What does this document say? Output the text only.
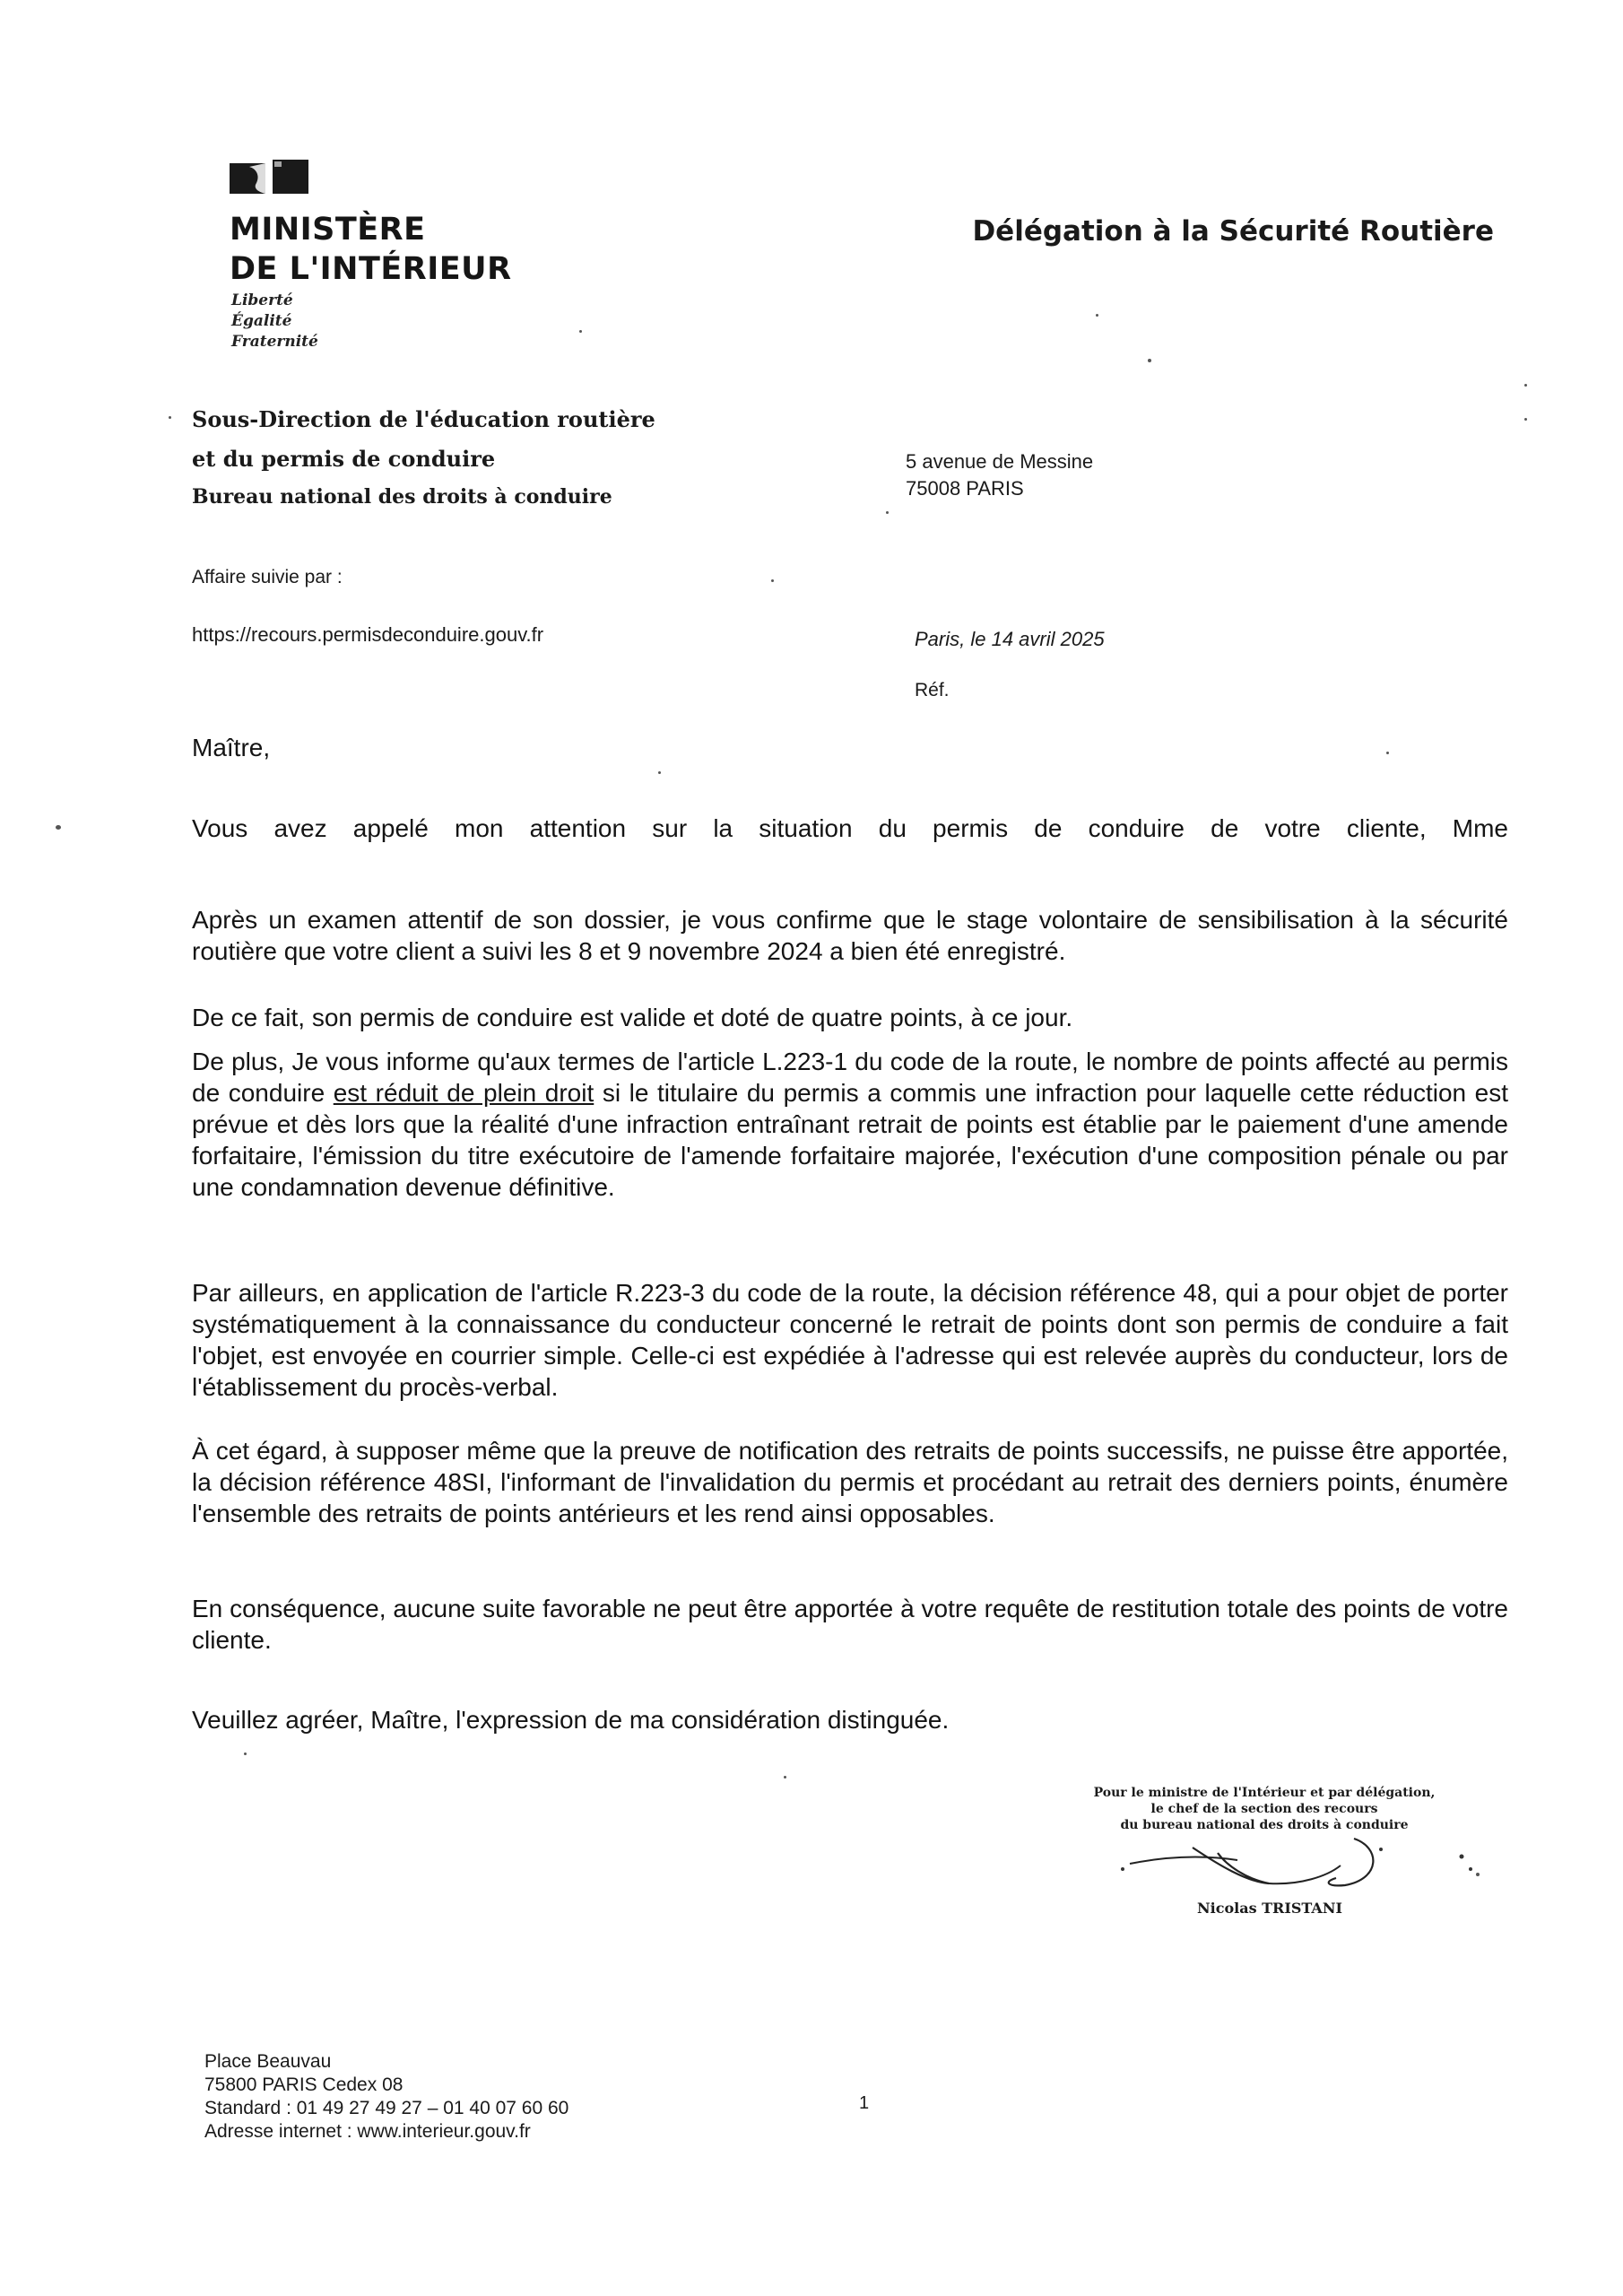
MINISTÈRE
DE L'INTÉRIEUR
Liberté
Égalité
Fraternité
Délégation à la Sécurité Routière
Sous-Direction de l'éducation routière
et du permis de conduire
Bureau national des droits à conduire
5 avenue de Messine
75008 PARIS
Affaire suivie par :
https://recours.permisdeconduire.gouv.fr	Paris, le 14 avril 2025
Réf.
Maître,

Vous avez appelé mon attention sur la situation du permis de conduire de votre cliente, Mme

Après un examen attentif de son dossier, je vous confirme que le stage volontaire de sensibilisation à la sécurité routière que votre client a suivi les 8 et 9 novembre 2024 a bien été enregistré.

De ce fait, son permis de conduire est valide et doté de quatre points, à ce jour.

De plus, Je vous informe qu'aux termes de l'article L.223-1 du code de la route, le nombre de points affecté au permis de conduire est réduit de plein droit si le titulaire du permis a commis une infraction pour laquelle cette réduction est prévue et dès lors que la réalité d'une infraction entraînant retrait de points est établie par le paiement d'une amende forfaitaire, l'émission du titre exécutoire de l'amende forfaitaire majorée, l'exécution d'une composition pénale ou par une condamnation devenue définitive.

Par ailleurs, en application de l'article R.223-3 du code de la route, la décision référence 48, qui a pour objet de porter systématiquement à la connaissance du conducteur concerné le retrait de points dont son permis de conduire a fait l'objet, est envoyée en courrier simple. Celle-ci est expédiée à l'adresse qui est relevée auprès du conducteur, lors de l'établissement du procès-verbal.

À cet égard, à supposer même que la preuve de notification des retraits de points successifs, ne puisse être apportée, la décision référence 48SI, l'informant de l'invalidation du permis et procédant au retrait des derniers points, énumère l'ensemble des retraits de points antérieurs et les rend ainsi opposables.

En conséquence, aucune suite favorable ne peut être apportée à votre requête de restitution totale des points de votre cliente.

Veuillez agréer, Maître, l'expression de ma considération distinguée.

Pour le ministre de l'Intérieur et par délégation,
le chef de la section des recours
du bureau national des droits à conduire
Nicolas TRISTANI
Place Beauvau
75800 PARIS Cedex 08
Standard : 01 49 27 49 27 – 01 40 07 60 60
Adresse internet : www.interieur.gouv.fr
1
